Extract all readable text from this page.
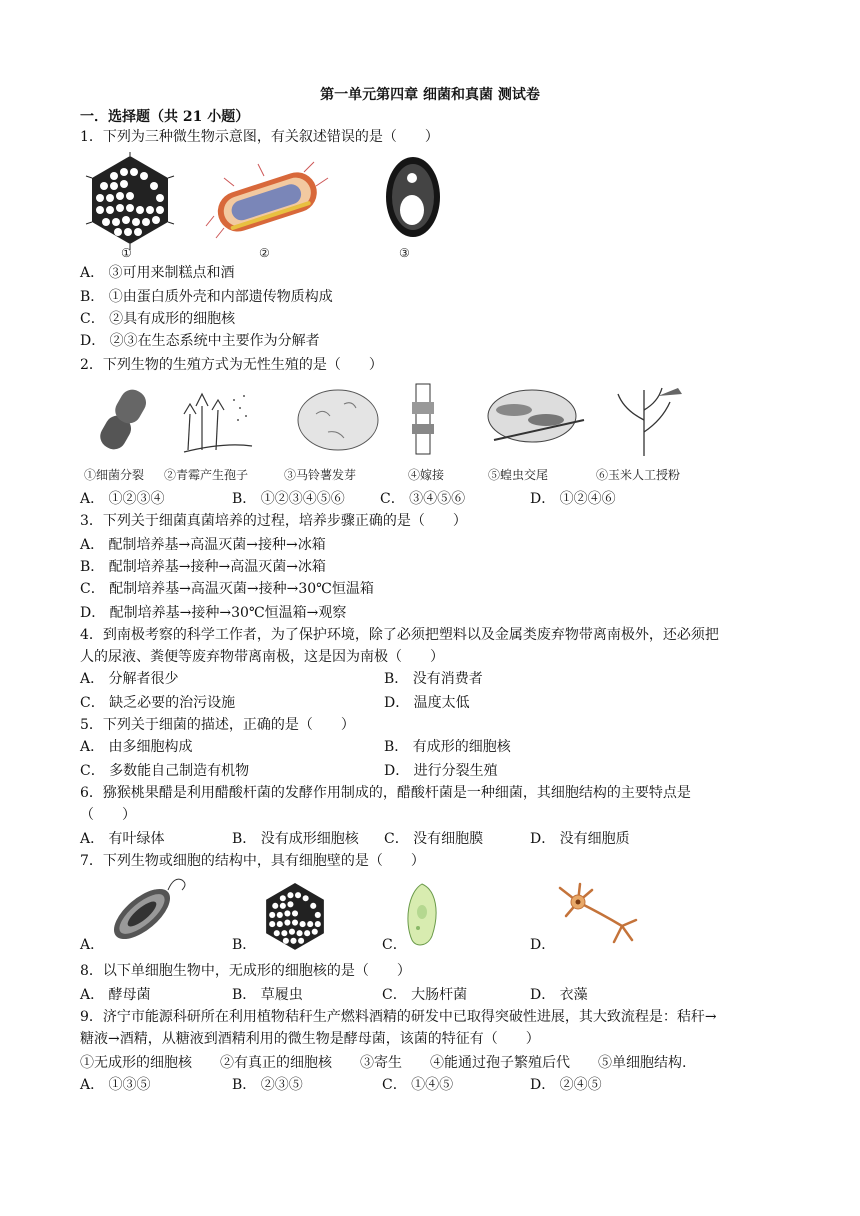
第一单元第四章 细菌和真菌 测试卷
一．选择题（共 21 小题）
1．下列为三种微生物示意图，有关叙述错误的是（　　）
①	②	③
A． ③可用来制糕点和酒
B． ①由蛋白质外壳和内部遗传物质构成
C． ②具有成形的细胞核
D． ②③在生态系统中主要作为分解者
2．下列生物的生殖方式为无性生殖的是（　　）
①细菌分裂 ②青霉产生孢子	③马铃薯发芽	④嫁接	⑤蝗虫交尾	⑥玉米人工授粉
A． ①②③④	B． ①②③④⑤⑥	C． ③④⑤⑥	D． ①②④⑥
3．下列关于细菌真菌培养的过程，培养步骤正确的是（　　）
A． 配制培养基→高温灭菌→接种→冰箱
B． 配制培养基→接种→高温灭菌→冰箱
C． 配制培养基→高温灭菌→接种→30℃恒温箱
D． 配制培养基→接种→30℃恒温箱→观察
4．到南极考察的科学工作者，为了保护环境，除了必须把塑料以及金属类废弃物带离南极外，还必须把
人的尿液、粪便等废弃物带离南极，这是因为南极（　　）
A． 分解者很少	B． 没有消费者
C． 缺乏必要的治污设施	D． 温度太低
5．下列关于细菌的描述，正确的是（　　）
A． 由多细胞构成	B． 有成形的细胞核
C． 多数能自己制造有机物	D． 进行分裂生殖
6．猕猴桃果醋是利用醋酸杆菌的发酵作用制成的，醋酸杆菌是一种细菌，其细胞结构的主要特点是
（　　）
A． 有叶绿体	B． 没有成形细胞核 C． 没有细胞膜	D． 没有细胞质
7．下列生物或细胞的结构中，具有细胞壁的是（　　）
A．	B．	C．	D．
8．以下单细胞生物中，无成形的细胞核的是（　　）
A． 酵母菌	B． 草履虫	C． 大肠杆菌	D． 衣藻
9．济宁市能源科研所在利用植物秸秆生产燃料酒精的研发中已取得突破性进展，其大致流程是：秸秆→
糖液→酒精，从糖液到酒精利用的微生物是酵母菌，该菌的特征有（　　）
①无成形的细胞核　　②有真正的细胞核　　③寄生　　④能通过孢子繁殖后代　　⑤单细胞结构.
A． ①③⑤	B． ②③⑤	C． ①④⑤	D． ②④⑤
